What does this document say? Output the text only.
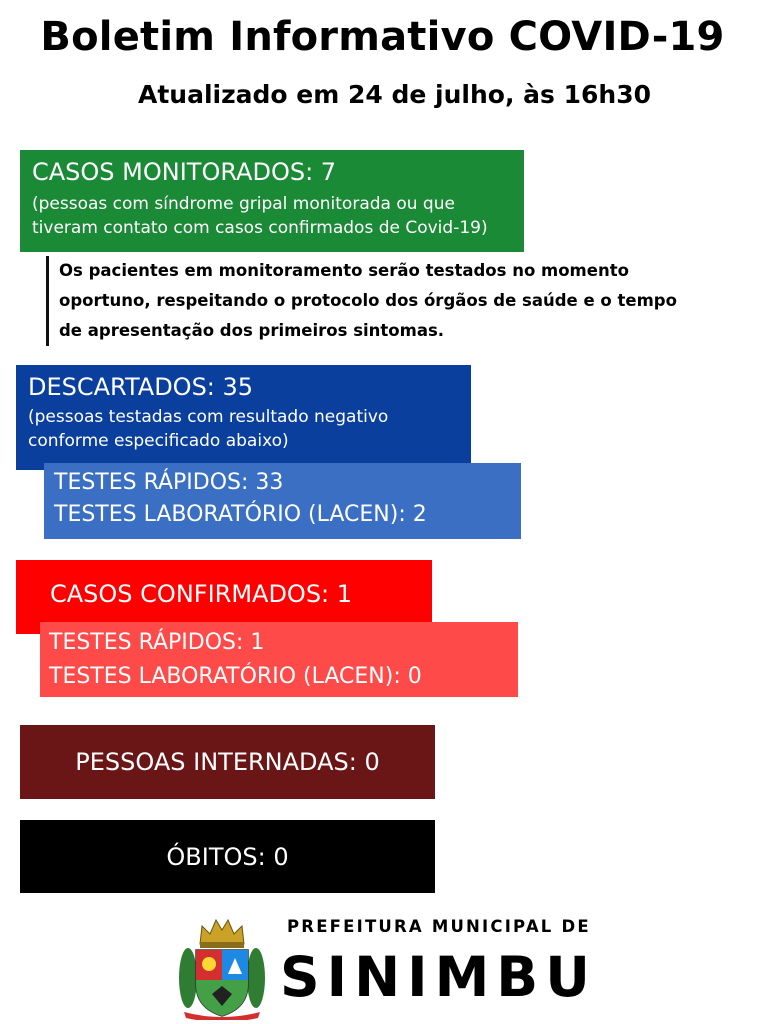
Boletim Informativo COVID-19
Atualizado em 24 de julho, às 16h30
CASOS MONITORADOS: 7
(pessoas com síndrome gripal monitorada ou que
tiveram contato com casos confirmados de Covid-19)
Os pacientes em monitoramento serão testados no momento
oportuno, respeitando o protocolo dos órgãos de saúde e o tempo
de apresentação dos primeiros sintomas.
DESCARTADOS: 35
(pessoas testadas com resultado negativo
conforme especificado abaixo)
TESTES RÁPIDOS: 33
TESTES LABORATÓRIO (LACEN): 2
CASOS CONFIRMADOS: 1
TESTES RÁPIDOS: 1
TESTES LABORATÓRIO (LACEN): 0
PESSOAS INTERNADAS: 0
ÓBITOS: 0
PREFEITURA MUNICIPAL DE
SINIMBU
